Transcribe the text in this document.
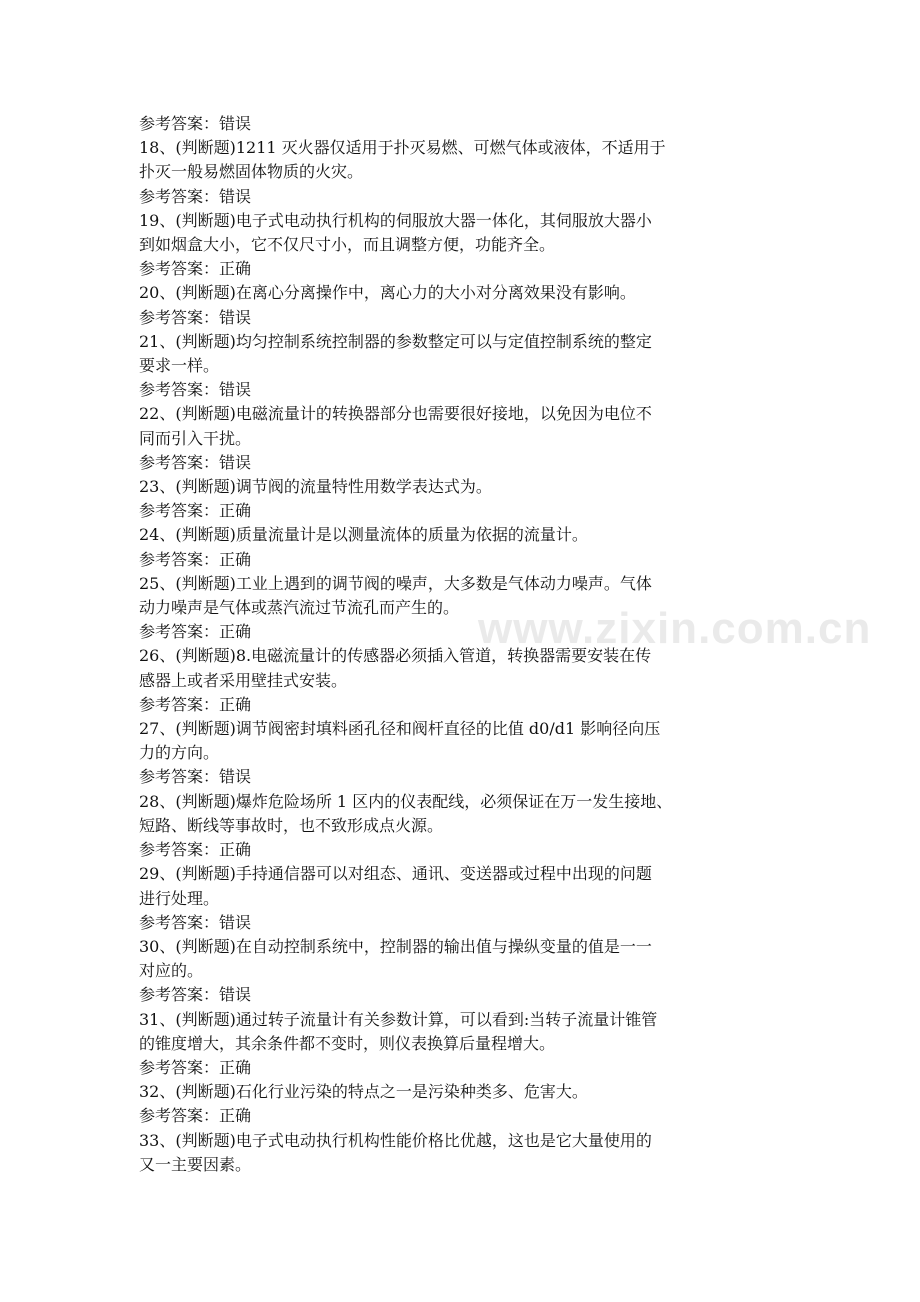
www.zixin.com.cn
参考答案：错误
18、(判断题)1211 灭火器仅适用于扑灭易燃、可燃气体或液体，不适用于
扑灭一般易燃固体物质的火灾。
参考答案：错误
19、(判断题)电子式电动执行机构的伺服放大器一体化，其伺服放大器小
到如烟盒大小，它不仅尺寸小，而且调整方便，功能齐全。
参考答案：正确
20、(判断题)在离心分离操作中，离心力的大小对分离效果没有影响。
参考答案：错误
21、(判断题)均匀控制系统控制器的参数整定可以与定值控制系统的整定
要求一样。
参考答案：错误
22、(判断题)电磁流量计的转换器部分也需要很好接地，以免因为电位不
同而引入干扰。
参考答案：错误
23、(判断题)调节阀的流量特性用数学表达式为。
参考答案：正确
24、(判断题)质量流量计是以测量流体的质量为依据的流量计。
参考答案：正确
25、(判断题)工业上遇到的调节阀的噪声，大多数是气体动力噪声。气体
动力噪声是气体或蒸汽流过节流孔而产生的。
参考答案：正确
26、(判断题)8.电磁流量计的传感器必须插入管道，转换器需要安装在传
感器上或者采用壁挂式安装。
参考答案：正确
27、(判断题)调节阀密封填料函孔径和阀杆直径的比值 d0/d1 影响径向压
力的方向。
参考答案：错误
28、(判断题)爆炸危险场所 1 区内的仪表配线，必须保证在万一发生接地、
短路、断线等事故时，也不致形成点火源。
参考答案：正确
29、(判断题)手持通信器可以对组态、通讯、变送器或过程中出现的问题
进行处理。
参考答案：错误
30、(判断题)在自动控制系统中，控制器的输出值与操纵变量的值是一一
对应的。
参考答案：错误
31、(判断题)通过转子流量计有关参数计算，可以看到:当转子流量计锥管
的锥度增大，其余条件都不变时，则仪表换算后量程增大。
参考答案：正确
32、(判断题)石化行业污染的特点之一是污染种类多、危害大。
参考答案：正确
33、(判断题)电子式电动执行机构性能价格比优越，这也是它大量使用的
又一主要因素。
